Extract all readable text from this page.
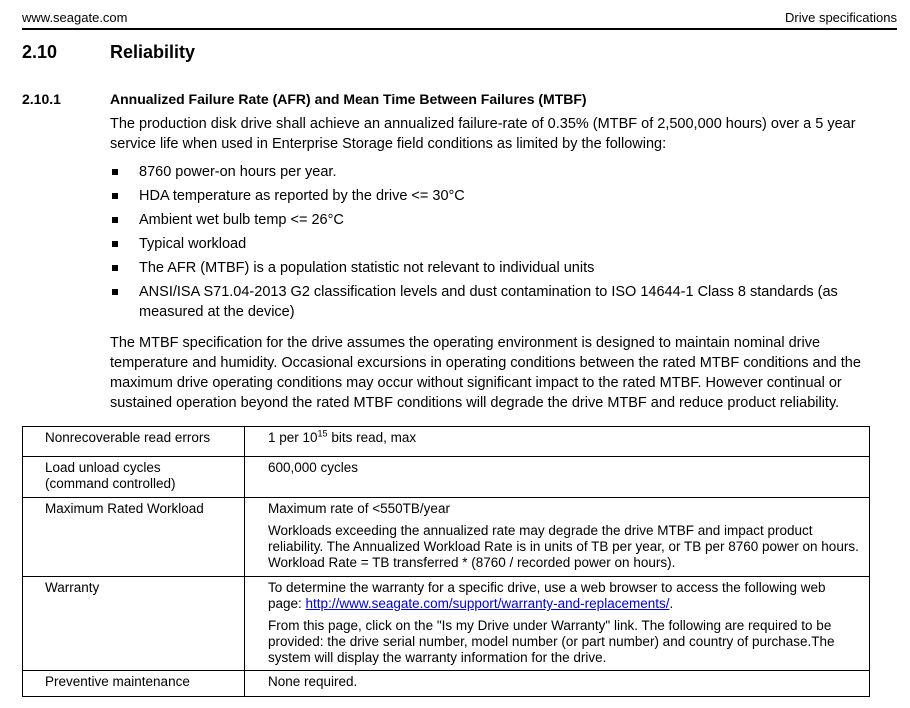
www.seagate.com	Drive specifications
2.10	Reliability
2.10.1	Annualized Failure Rate (AFR) and Mean Time Between Failures (MTBF)

The production disk drive shall achieve an annualized failure-rate of 0.35% (MTBF of 2,500,000 hours) over a 5 year service life when used in Enterprise Storage field conditions as limited by the following:

8760 power-on hours per year.
HDA temperature as reported by the drive <= 30°C
Ambient wet bulb temp <= 26°C
Typical workload
The AFR (MTBF) is a population statistic not relevant to individual units
ANSI/ISA S71.04-2013 G2 classification levels and dust contamination to ISO 14644-1 Class 8 standards (as measured at the device)

The MTBF specification for the drive assumes the operating environment is designed to maintain nominal drive temperature and humidity. Occasional excursions in operating conditions between the rated MTBF conditions and the maximum drive operating conditions may occur without significant impact to the rated MTBF. However continual or sustained operation beyond the rated MTBF conditions will degrade the drive MTBF and reduce product reliability.

Nonrecoverable read errors	1 per $10^{15}$ bits read, max

Load unload cycles
(command controlled)	600,000 cycles
Maximum Rated Workload	Maximum rate of <550TB/year
Workloads exceeding the annualized rate may degrade the drive MTBF and impact product reliability. The Annualized Workload Rate is in units of TB per year, or TB per 8760 power on hours. Workload Rate = TB transferred * (8760 / recorded power on hours).

Warranty	To determine the warranty for a specific drive, use a web browser to access the following web page: http://www.seagate.com/support/warranty-and-replacements/.
From this page, click on the "Is my Drive under Warranty" link. The following are required to be provided: the drive serial number, model number (or part number) and country of purchase.The system will display the warranty information for the drive.

Preventive maintenance	None required.
